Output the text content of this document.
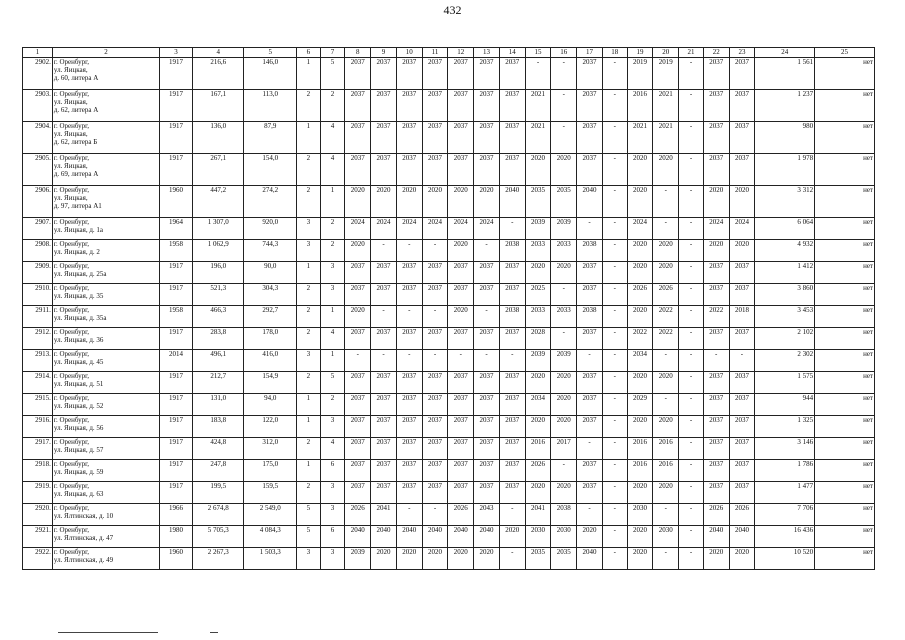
432
1	2	3	4	5	6	7	8	9	10	11	12	13	14	15	16	17	18	19	20	21	22	23	24	25
2902.	г. Оренбург,
ул. Яицкая,
д. 60, литера А	1917	216,6	146,0	1	5	2037	2037	2037	2037	2037	2037	2037	-	-	2037	-	2019	2019	-	2037	2037	1 561	нет
2903.	г. Оренбург,
ул. Яицкая,
д. 62, литера А	1917	167,1	113,0	2	2	2037	2037	2037	2037	2037	2037	2037	2021	-	2037	-	2016	2021	-	2037	2037	1 237	нет
2904.	г. Оренбург,
ул. Яицкая,
д. 62, литера Б	1917	136,0	87,9	1	4	2037	2037	2037	2037	2037	2037	2037	2021	-	2037	-	2021	2021	-	2037	2037	980	нет
2905.	г. Оренбург,
ул. Яицкая,
д. 69, литера А	1917	267,1	154,0	2	4	2037	2037	2037	2037	2037	2037	2037	2020	2020	2037	-	2020	2020	-	2037	2037	1 978	нет
2906.	г. Оренбург,
ул. Яицкая,
д. 97, литера А1	1960	447,2	274,2	2	1	2020	2020	2020	2020	2020	2020	2040	2035	2035	2040	-	2020	-	-	2020	2020	3 312	нет
2907.	г. Оренбург,
ул. Яицкая, д. 1а	1964	1 307,0	920,0	3	2	2024	2024	2024	2024	2024	2024	-	2039	2039	-	-	2024	-	-	2024	2024	6 064	нет
2908.	г. Оренбург,
ул. Яицкая, д. 2	1958	1 062,9	744,3	3	2	2020	-	-	-	2020	-	2038	2033	2033	2038	-	2020	2020	-	2020	2020	4 932	нет
2909.	г. Оренбург,
ул. Яицкая, д. 25а	1917	196,0	90,0	1	3	2037	2037	2037	2037	2037	2037	2037	2020	2020	2037	-	2020	2020	-	2037	2037	1 412	нет
2910.	г. Оренбург,
ул. Яицкая, д. 35	1917	521,3	304,3	2	3	2037	2037	2037	2037	2037	2037	2037	2025	-	2037	-	2026	2026	-	2037	2037	3 860	нет
2911.	г. Оренбург,
ул. Яицкая, д. 35а	1958	466,3	292,7	2	1	2020	-	-	-	2020	-	2038	2033	2033	2038	-	2020	2022	-	2022	2018	3 453	нет
2912.	г. Оренбург,
ул. Яицкая, д. 36	1917	283,8	178,0	2	4	2037	2037	2037	2037	2037	2037	2037	2028	-	2037	-	2022	2022	-	2037	2037	2 102	нет
2913.	г. Оренбург,
ул. Яицкая, д. 45	2014	496,1	416,0	3	1	-	-	-	-	-	-	-	2039	2039	-	-	2034	-	-	-	-	2 302	нет
2914.	г. Оренбург,
ул. Яицкая, д. 51	1917	212,7	154,9	2	5	2037	2037	2037	2037	2037	2037	2037	2020	2020	2037	-	2020	2020	-	2037	2037	1 575	нет
2915.	г. Оренбург,
ул. Яицкая, д. 52	1917	131,0	94,0	1	2	2037	2037	2037	2037	2037	2037	2037	2034	2020	2037	-	2029	-	-	2037	2037	944	нет
2916.	г. Оренбург,
ул. Яицкая, д. 56	1917	183,8	122,0	1	3	2037	2037	2037	2037	2037	2037	2037	2020	2020	2037	-	2020	2020	-	2037	2037	1 325	нет
2917.	г. Оренбург,
ул. Яицкая, д. 57	1917	424,8	312,0	2	4	2037	2037	2037	2037	2037	2037	2037	2016	2017	-	-	2016	2016	-	2037	2037	3 146	нет
2918.	г. Оренбург,
ул. Яицкая, д. 59	1917	247,8	175,0	1	6	2037	2037	2037	2037	2037	2037	2037	2026	-	2037	-	2016	2016	-	2037	2037	1 786	нет
2919.	г. Оренбург,
ул. Яицкая, д. 63	1917	199,5	159,5	2	3	2037	2037	2037	2037	2037	2037	2037	2020	2020	2037	-	2020	2020	-	2037	2037	1 477	нет
2920.	г. Оренбург,
ул. Ялтинская, д. 10	1966	2 674,8	2 549,0	5	3	2026	2041	-	-	2026	2043	-	2041	2038	-	-	2030	-	-	2026	2026	7 706	нет
2921.	г. Оренбург,
ул. Ялтинская, д. 47	1980	5 705,3	4 084,3	5	6	2040	2040	2040	2040	2040	2040	2020	2030	2030	2020	-	2020	2030	-	2040	2040	16 436	нет
2922.	г. Оренбург,
ул. Ялтинская, д. 49	1960	2 267,3	1 503,3	3	3	2039	2020	2020	2020	2020	2020	-	2035	2035	2040	-	2020	-	-	2020	2020	10 520	нет
